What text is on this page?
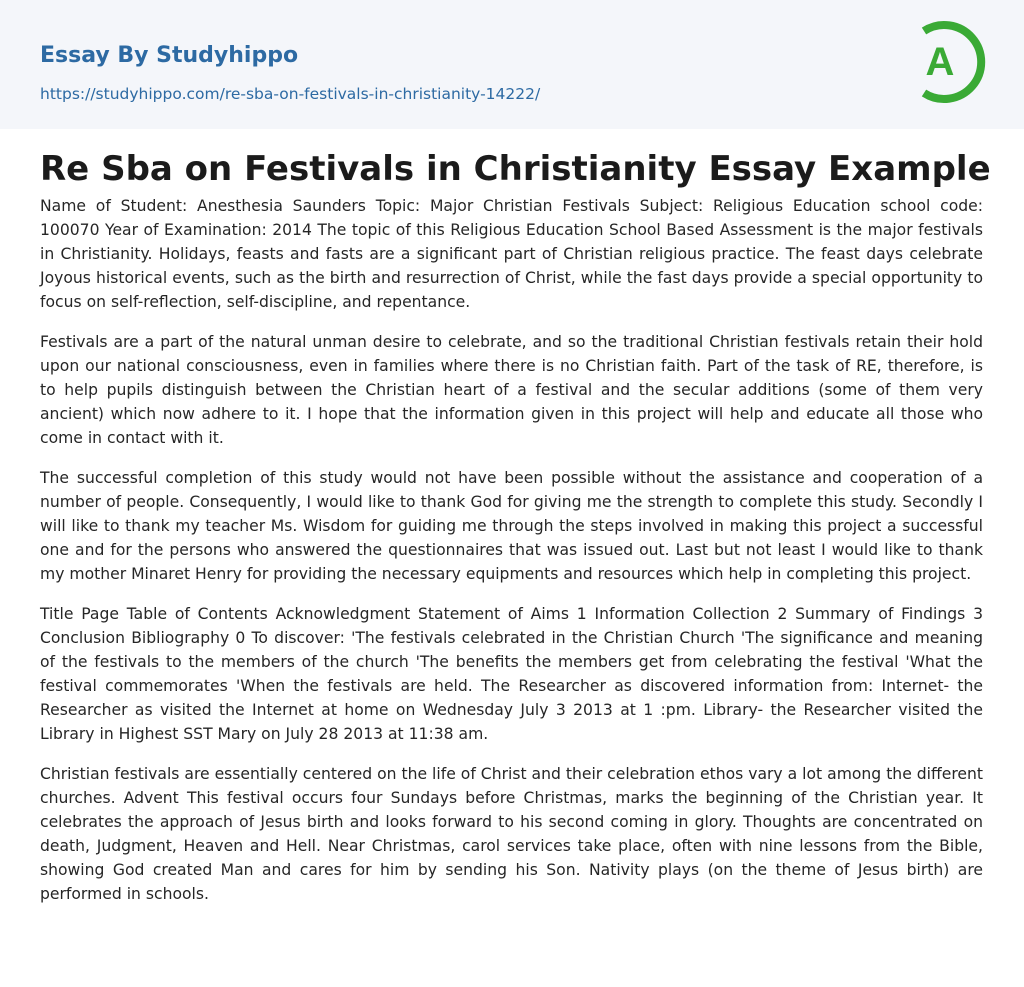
Essay By Studyhippo
https://studyhippo.com/re-sba-on-festivals-in-christianity-14222/
A
Re Sba on Festivals in Christianity Essay Example

Name of Student: Anesthesia Saunders Topic: Major Christian Festivals Subject: Religious Education school code: 100070 Year of Examination: 2014 The topic of this Religious Education School Based Assessment is the major festivals in Christianity. Holidays, feasts and fasts are a significant part of Christian religious practice. The feast days celebrate Joyous historical events, such as the birth and resurrection of Christ, while the fast days provide a special opportunity to focus on self-reflection, self-discipline, and repentance.

Festivals are a part of the natural unman desire to celebrate, and so the traditional Christian festivals retain their hold upon our national consciousness, even in families where there is no Christian faith. Part of the task of RE, therefore, is to help pupils distinguish between the Christian heart of a festival and the secular additions (some of them very ancient) which now adhere to it. I hope that the information given in this project will help and educate all those who come in contact with it.

The successful completion of this study would not have been possible without the assistance and cooperation of a number of people. Consequently, I would like to thank God for giving me the strength to complete this study. Secondly I will like to thank my teacher Ms. Wisdom for guiding me through the steps involved in making this project a successful one and for the persons who answered the questionnaires that was issued out. Last but not least I would like to thank my mother Minaret Henry for providing the necessary equipments and resources which help in completing this project.

Title Page Table of Contents Acknowledgment Statement of Aims 1 Information Collection 2 Summary of Findings 3 Conclusion Bibliography 0 To discover: 'The festivals celebrated in the Christian Church 'The significance and meaning of the festivals to the members of the church 'The benefits the members get from celebrating the festival 'What the festival commemorates 'When the festivals are held. The Researcher as discovered information from: Internet- the Researcher as visited the Internet at home on Wednesday July 3 2013 at 1 :pm. Library- the Researcher visited the Library in Highest SST Mary on July 28 2013 at 11:38 am.

Christian festivals are essentially centered on the life of Christ and their celebration ethos vary a lot among the different churches. Advent This festival occurs four Sundays before Christmas, marks the beginning of the Christian year. It celebrates the approach of Jesus birth and looks forward to his second coming in glory. Thoughts are concentrated on death, Judgment, Heaven and Hell. Near Christmas, carol services take place, often with nine lessons from the Bible, showing God created Man and cares for him by sending his Son. Nativity plays (on the theme of Jesus birth) are performed in schools.
